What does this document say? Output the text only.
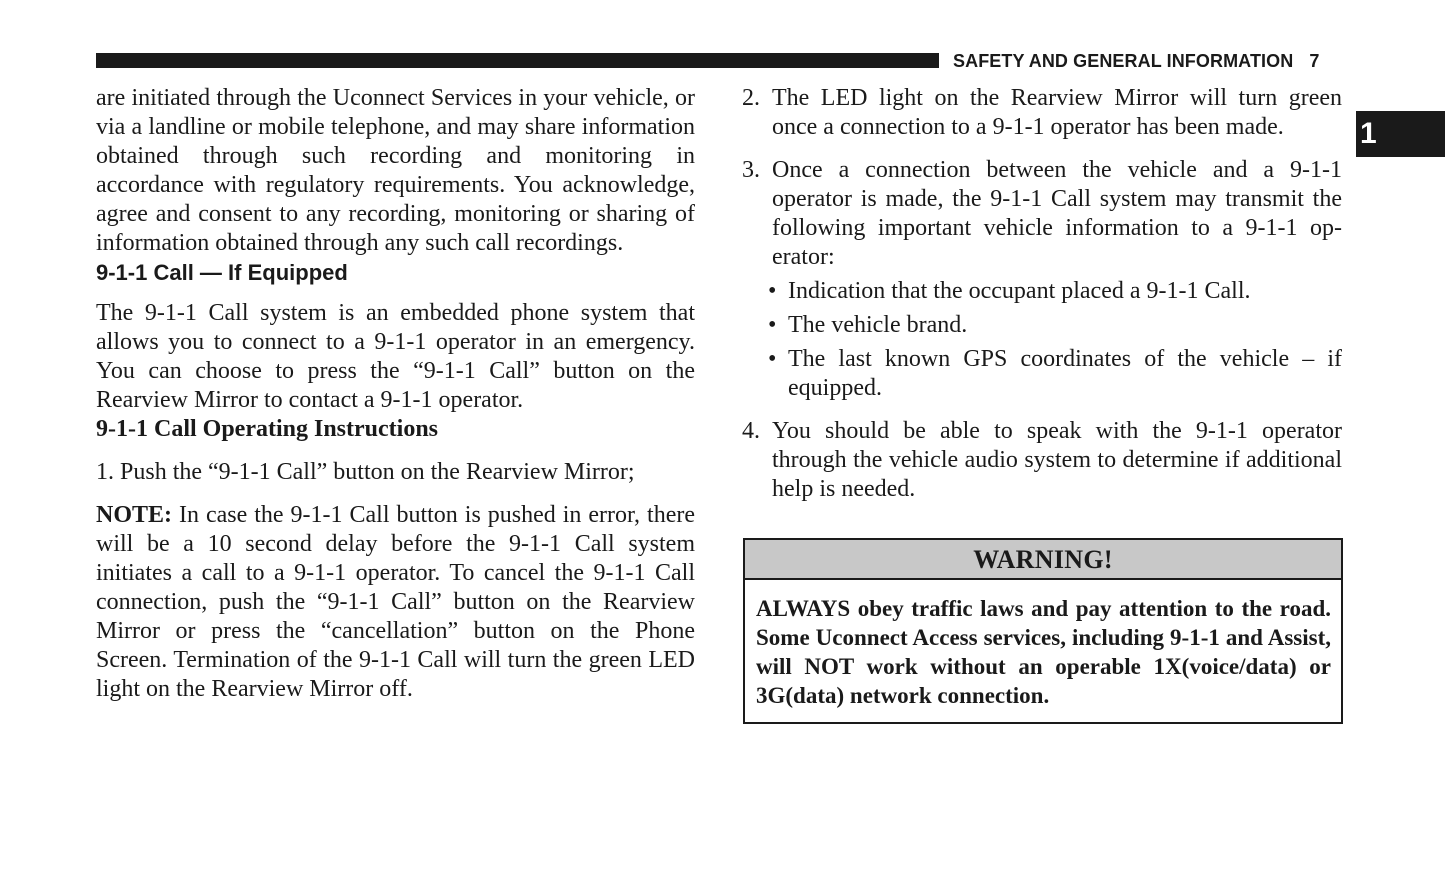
SAFETY AND GENERAL INFORMATION 7
1

are initiated through the Uconnect Services in your vehicle, or via a landline or mobile telephone, and may share information obtained through such recording and monitoring in accordance with regulatory requirements. You acknowledge, agree and consent to any recording, monitoring or sharing of information obtained through any such call recordings.

9-1-1 Call — If Equipped

The 9-1-1 Call system is an embedded phone system that allows you to connect to a 9-1-1 operator in an emergency. You can choose to press the “9-1-1 Call” button on the Rearview Mirror to contact a 9-1-1 operator.

9-1-1 Call Operating Instructions

1. Push the “9-1-1 Call” button on the Rearview Mirror;

NOTE: In case the 9-1-1 Call button is pushed in error, there will be a 10 second delay before the 9-1-1 Call system initiates a call to a 9-1-1 operator. To cancel the 9-1-1 Call connection, push the “9-1-1 Call” button on the Rearview Mirror or press the “cancellation” button on the Phone Screen. Termination of the 9-1-1 Call will turn the green LED light on the Rearview Mirror off.

2. The LED light on the Rearview Mirror will turn green once a connection to a 9-1-1 operator has been made.
3. Once a connection between the vehicle and a 9-1-1 operator is made, the 9-1-1 Call system may transmit the following important vehicle information to a 9-1-1 operator:
• Indication that the occupant placed a 9-1-1 Call.
• The vehicle brand.
• The last known GPS coordinates of the vehicle – if equipped.
4. You should be able to speak with the 9-1-1 operator through the vehicle audio system to determine if additional help is needed.
WARNING!
ALWAYS obey traffic laws and pay attention to the road. Some Uconnect Access services, including 9-1-1 and Assist, will NOT work without an operable 1X(voice/data) or 3G(data) network connection.
